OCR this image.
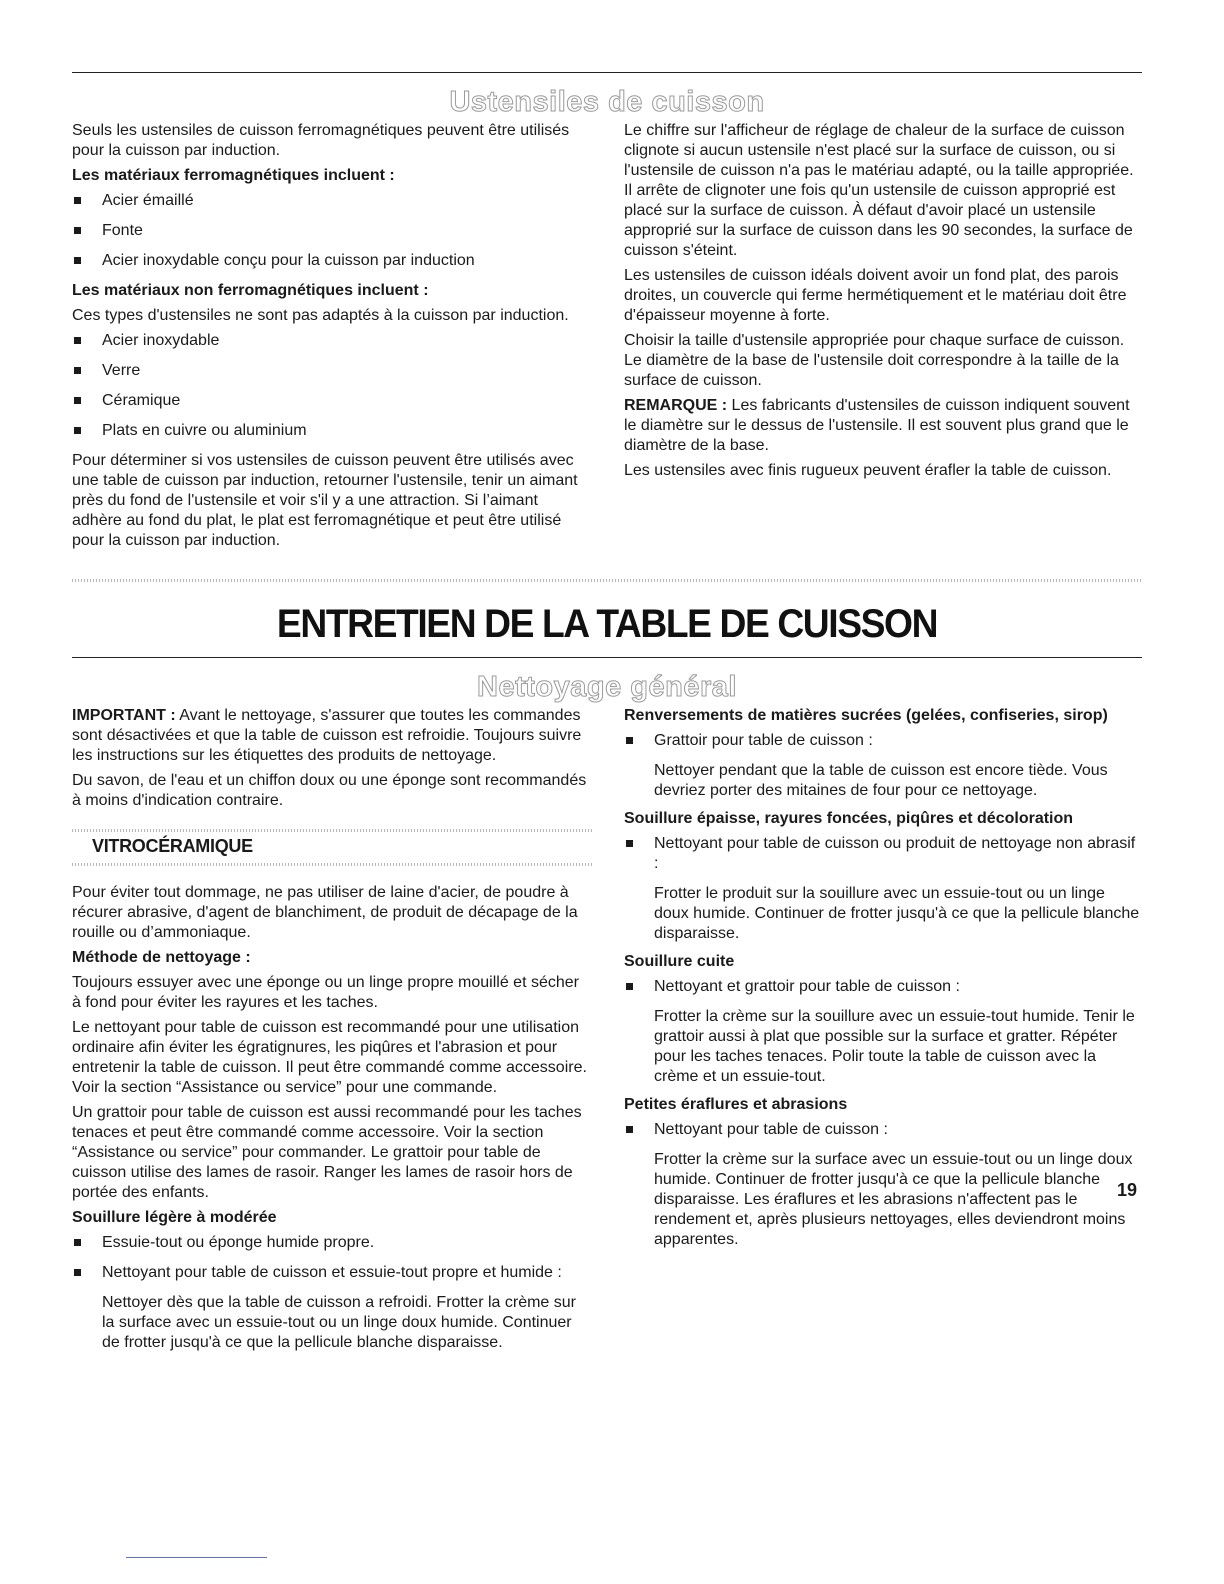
Ustensiles de cuisson

Seuls les ustensiles de cuisson ferromagnétiques peuvent être utilisés pour la cuisson par induction.

Les matériaux ferromagnétiques incluent :

Acier émaillé
Fonte
Acier inoxydable conçu pour la cuisson par induction

Les matériaux non ferromagnétiques incluent :

Ces types d'ustensiles ne sont pas adaptés à la cuisson par induction.

Acier inoxydable
Verre
Céramique
Plats en cuivre ou aluminium

Pour déterminer si vos ustensiles de cuisson peuvent être utilisés avec une table de cuisson par induction, retourner l'ustensile, tenir un aimant près du fond de l'ustensile et voir s'il y a une attraction. Si l’aimant adhère au fond du plat, le plat est ferromagnétique et peut être utilisé pour la cuisson par induction.

Le chiffre sur l'afficheur de réglage de chaleur de la surface de cuisson clignote si aucun ustensile n'est placé sur la surface de cuisson, ou si l'ustensile de cuisson n'a pas le matériau adapté, ou la taille appropriée. Il arrête de clignoter une fois qu'un ustensile de cuisson approprié est placé sur la surface de cuisson. À défaut d'avoir placé un ustensile approprié sur la surface de cuisson dans les 90 secondes, la surface de cuisson s'éteint.

Les ustensiles de cuisson idéals doivent avoir un fond plat, des parois droites, un couvercle qui ferme hermétiquement et le matériau doit être d'épaisseur moyenne à forte.

Choisir la taille d'ustensile appropriée pour chaque surface de cuisson. Le diamètre de la base de l'ustensile doit correspondre à la taille de la surface de cuisson.

REMARQUE : Les fabricants d'ustensiles de cuisson indiquent souvent le diamètre sur le dessus de l'ustensile. Il est souvent plus grand que le diamètre de la base.

Les ustensiles avec finis rugueux peuvent érafler la table de cuisson.

ENTRETIEN DE LA TABLE DE CUISSON
Nettoyage général

IMPORTANT : Avant le nettoyage, s'assurer que toutes les commandes sont désactivées et que la table de cuisson est refroidie. Toujours suivre les instructions sur les étiquettes des produits de nettoyage.

Du savon, de l'eau et un chiffon doux ou une éponge sont recommandés à moins d'indication contraire.

VITROCÉRAMIQUE

Pour éviter tout dommage, ne pas utiliser de laine d'acier, de poudre à récurer abrasive, d'agent de blanchiment, de produit de décapage de la rouille ou d’ammoniaque.

Méthode de nettoyage :

Toujours essuyer avec une éponge ou un linge propre mouillé et sécher à fond pour éviter les rayures et les taches.

Le nettoyant pour table de cuisson est recommandé pour une utilisation ordinaire afin éviter les égratignures, les piqûres et l'abrasion et pour entretenir la table de cuisson. Il peut être commandé comme accessoire. Voir la section “Assistance ou service” pour une commande.

Un grattoir pour table de cuisson est aussi recommandé pour les taches tenaces et peut être commandé comme accessoire. Voir la section “Assistance ou service” pour commander. Le grattoir pour table de cuisson utilise des lames de rasoir. Ranger les lames de rasoir hors de portée des enfants.

Souillure légère à modérée

Essuie-tout ou éponge humide propre.
Nettoyant pour table de cuisson et essuie-tout propre et humide :

Nettoyer dès que la table de cuisson a refroidi. Frotter la crème sur la surface avec un essuie-tout ou un linge doux humide. Continuer de frotter jusqu'à ce que la pellicule blanche disparaisse.

Renversements de matières sucrées (gelées, confiseries, sirop)

Grattoir pour table de cuisson :

Nettoyer pendant que la table de cuisson est encore tiède. Vous devriez porter des mitaines de four pour ce nettoyage.

Souillure épaisse, rayures foncées, piqûres et décoloration

Nettoyant pour table de cuisson ou produit de nettoyage non abrasif :

Frotter le produit sur la souillure avec un essuie-tout ou un linge doux humide. Continuer de frotter jusqu'à ce que la pellicule blanche disparaisse.

Souillure cuite

Nettoyant et grattoir pour table de cuisson :

Frotter la crème sur la souillure avec un essuie-tout humide. Tenir le grattoir aussi à plat que possible sur la surface et gratter. Répéter pour les taches tenaces. Polir toute la table de cuisson avec la crème et un essuie-tout.

Petites éraflures et abrasions

Nettoyant pour table de cuisson :

Frotter la crème sur la surface avec un essuie-tout ou un linge doux humide. Continuer de frotter jusqu'à ce que la pellicule blanche disparaisse. Les éraflures et les abrasions n'affectent pas le rendement et, après plusieurs nettoyages, elles deviendront moins apparentes.

19
